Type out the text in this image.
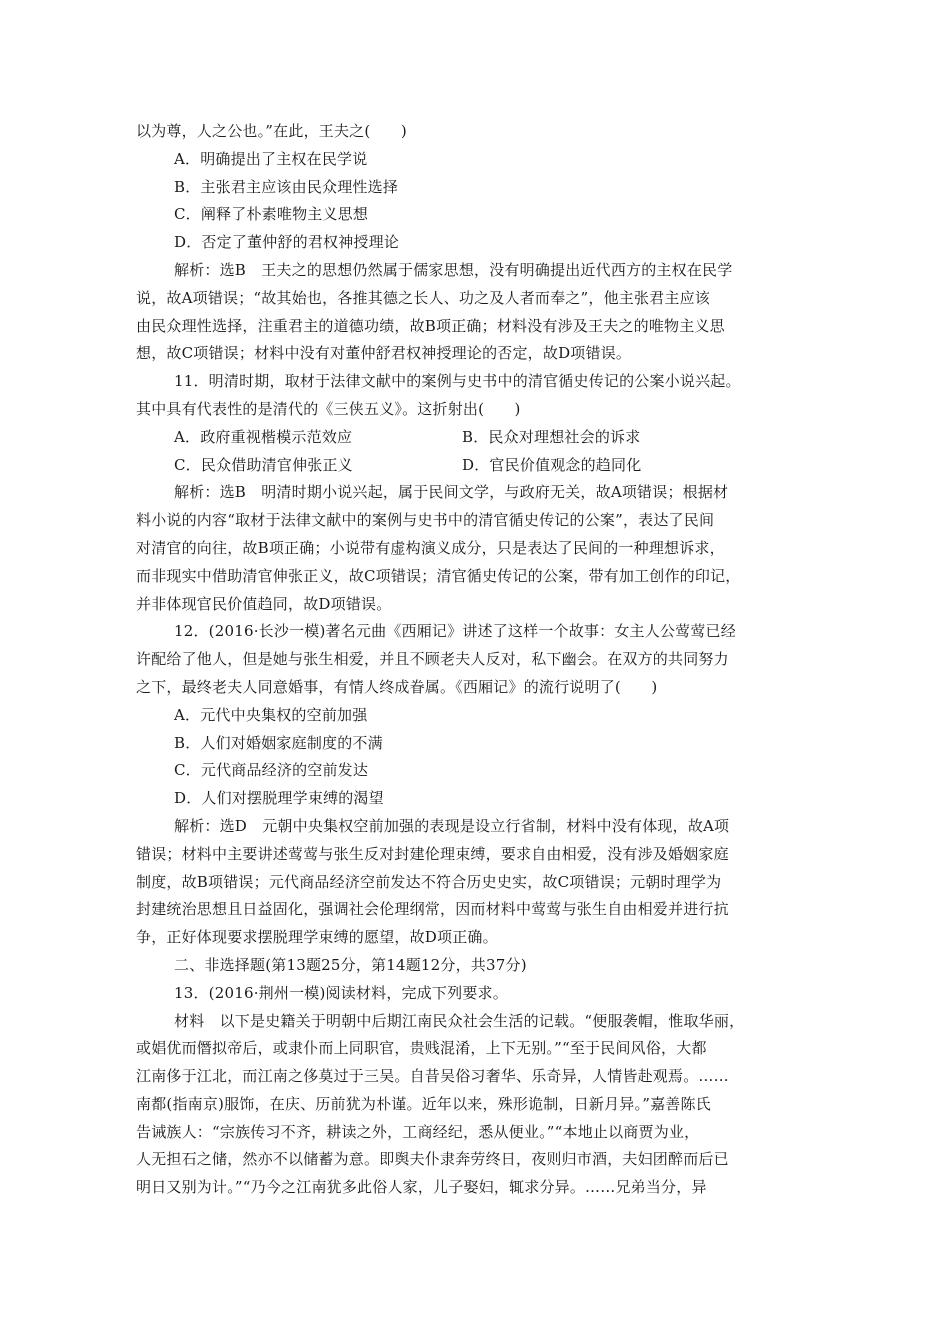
以为尊，人之公也。”在此，王夫之(　　)
A．明确提出了主权在民学说
B．主张君主应该由民众理性选择
C．阐释了朴素唯物主义思想
D．否定了董仲舒的君权神授理论
解析：选B　王夫之的思想仍然属于儒家思想，没有明确提出近代西方的主权在民学
说，故A项错误；“故其始也，各推其德之长人、功之及人者而奉之”，他主张君主应该
由民众理性选择，注重君主的道德功绩，故B项正确；材料没有涉及王夫之的唯物主义思
想，故C项错误；材料中没有对董仲舒君权神授理论的否定，故D项错误。
11．明清时期，取材于法律文献中的案例与史书中的清官循史传记的公案小说兴起。
其中具有代表性的是清代的《三侠五义》。这折射出(　　)
A．政府重视楷模示范效应	B．民众对理想社会的诉求
C．民众借助清官伸张正义	D．官民价值观念的趋同化
解析：选B　明清时期小说兴起，属于民间文学，与政府无关，故A项错误；根据材
料小说的内容“取材于法律文献中的案例与史书中的清官循史传记的公案”，表达了民间
对清官的向往，故B项正确；小说带有虚构演义成分，只是表达了民间的一种理想诉求，
而非现实中借助清官伸张正义，故C项错误；清官循史传记的公案，带有加工创作的印记，
并非体现官民价值趋同，故D项错误。
12．(2016·长沙一模)著名元曲《西厢记》讲述了这样一个故事：女主人公莺莺已经
许配给了他人，但是她与张生相爱，并且不顾老夫人反对，私下幽会。在双方的共同努力
之下，最终老夫人同意婚事，有情人终成眷属。《西厢记》的流行说明了(　　)
A．元代中央集权的空前加强
B．人们对婚姻家庭制度的不满
C．元代商品经济的空前发达
D．人们对摆脱理学束缚的渴望
解析：选D　元朝中央集权空前加强的表现是设立行省制，材料中没有体现，故A项
错误；材料中主要讲述莺莺与张生反对封建伦理束缚，要求自由相爱，没有涉及婚姻家庭
制度，故B项错误；元代商品经济空前发达不符合历史史实，故C项错误；元朝时理学为
封建统治思想且日益固化，强调社会伦理纲常，因而材料中莺莺与张生自由相爱并进行抗
争，正好体现要求摆脱理学束缚的愿望，故D项正确。
二、非选择题(第13题25分，第14题12分，共37分)
13．(2016·荆州一模)阅读材料，完成下列要求。
材料　以下是史籍关于明朝中后期江南民众社会生活的记载。“便服袭帽，惟取华丽，
或娼优而僭拟帝后，或隶仆而上同职官，贵贱混淆，上下无别。”“至于民间风俗，大都
江南侈于江北，而江南之侈莫过于三吴。自昔吴俗习奢华、乐奇异，人情皆赴观焉。……
南都(指南京)服饰，在庆、历前犹为朴谨。近年以来，殊形诡制，日新月异。”嘉善陈氏
告诫族人：“宗族传习不齐，耕读之外，工商经纪，悉从便业。”“本地止以商贾为业，
人无担石之储，然亦不以储蓄为意。即舆夫仆隶奔劳终日，夜则归市酒，夫妇团醉而后已
明日又别为计。”“乃今之江南犹多此俗人家，儿子娶妇，辄求分异。……兄弟当分，异
